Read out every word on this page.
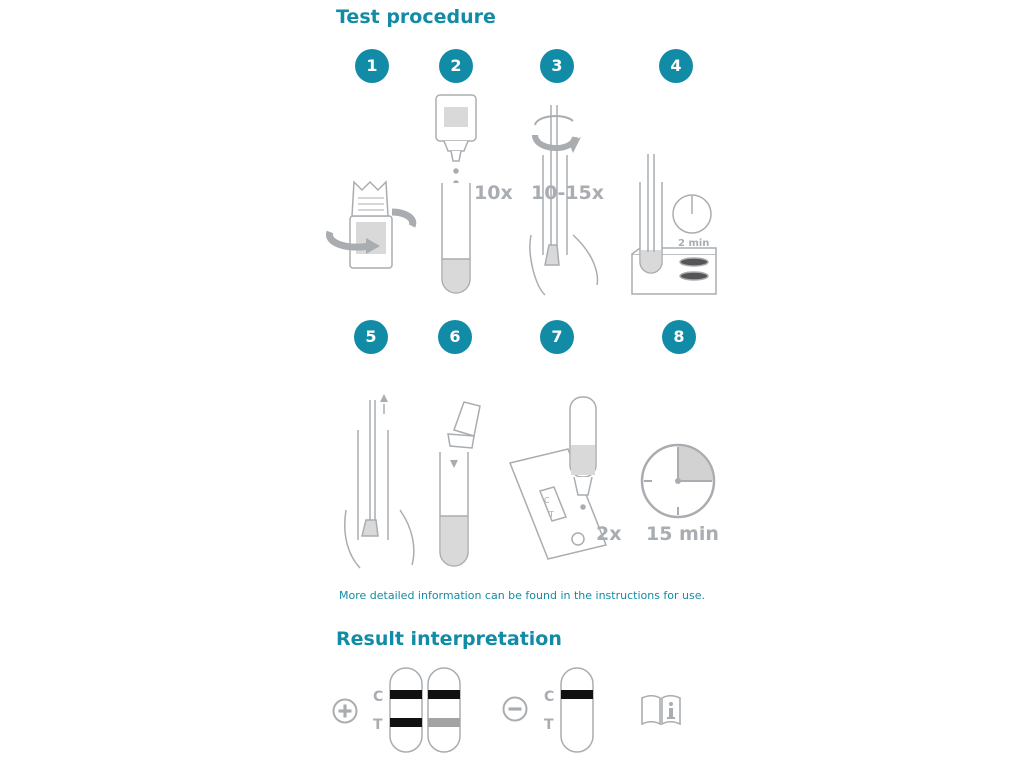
Test procedure
1	2	3	4
5	6	7	8
10x 10-15x
2 min
C
T
2x 15 min
More detailed information can be found in the instructions for use.
Result interpretation
C
T
C
T
